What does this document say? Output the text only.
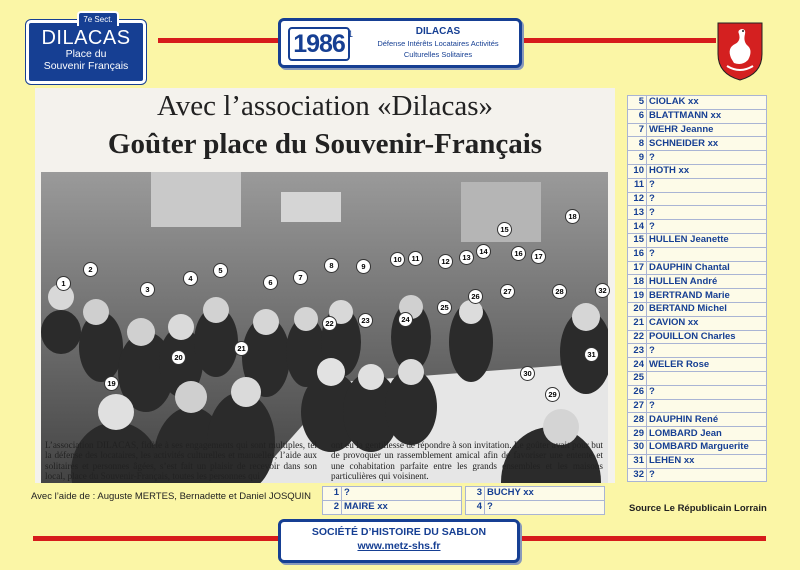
7e Sect.
DILACAS
Place du
Souvenir Français
1986 1	DILACAS
Défense Intérêts Locataires Activités
Culturelles Solitaires
Avec l’association «Dilacas»
Goûter place du Souvenir-Français
L’association DILACAS, fidèle à ses engagements qui sont multiples, tel la défense des locataires, les activités culturelles et manuelles, l’aide aux solitaires et personnes âgées, s’est fait un plaisir de recevoir dans son local, place du Souvenir-Français, toutes les personnes qui
ont eu la gentillesse de répondre à son invitation. Le goûter avait pour but de provoquer un rassemblement amical afin de favoriser une entente et une cohabitation parfaite entre les grands ensembles et les maisons particulières qui voisinent.
1
2
3
4
5
6
7
8	9
10	11	12	13
14
15
16	17
18
19
20
21
22	23	24
25
26
27	28
29
30
31
32
5	CIOLAK xx
6	BLATTMANN xx
7	WEHR Jeanne
8	SCHNEIDER xx
9	?
10	HOTH xx
11	?
12	?
13	?
14	?
15	HULLEN Jeanette
16	?
17	DAUPHIN Chantal
18	HULLEN André
19	BERTRAND Marie
20	BERTAND Michel
21	CAVION xx
22	POUILLON Charles
23	?
24	WELER Rose
25	
26	?
27	?
28	DAUPHIN René
29	LOMBARD Jean
30	LOMBARD Marguerite
31	LEHEN xx
32	?
1	?
2	MAIRE xx
3	BUCHY xx
4	?
Avec l’aide de : Auguste MERTES, Bernadette et Daniel JOSQUIN
Source Le Républicain Lorrain
SOCIÉTÉ D’HISTOIRE DU SABLON
www.metz-shs.fr
